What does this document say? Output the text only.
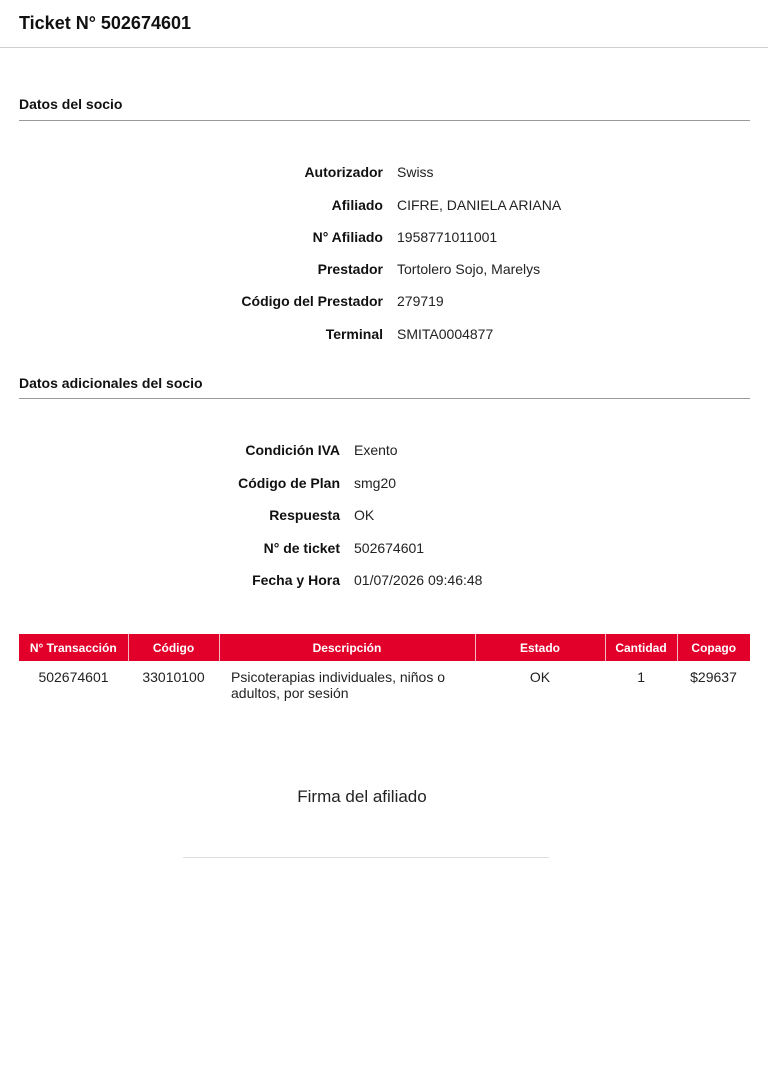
Ticket N° 502674601
Datos del socio
Autorizador Swiss
Afiliado CIFRE, DANIELA ARIANA
N° Afiliado 1958771011001
Prestador Tortolero Sojo, Marelys
Código del Prestador 279719
Terminal SMITA0004877
Datos adicionales del socio
Condición IVA Exento
Código de Plan smg20
Respuesta OK
N° de ticket 502674601
Fecha y Hora 01/07/2026 09:46:48
N° Transacción	Código	Descripción	Estado	Cantidad	Copago
502674601	33010100	Psicoterapias individuales, niños o adultos, por sesión	OK	1	$29637
Firma del afiliado
